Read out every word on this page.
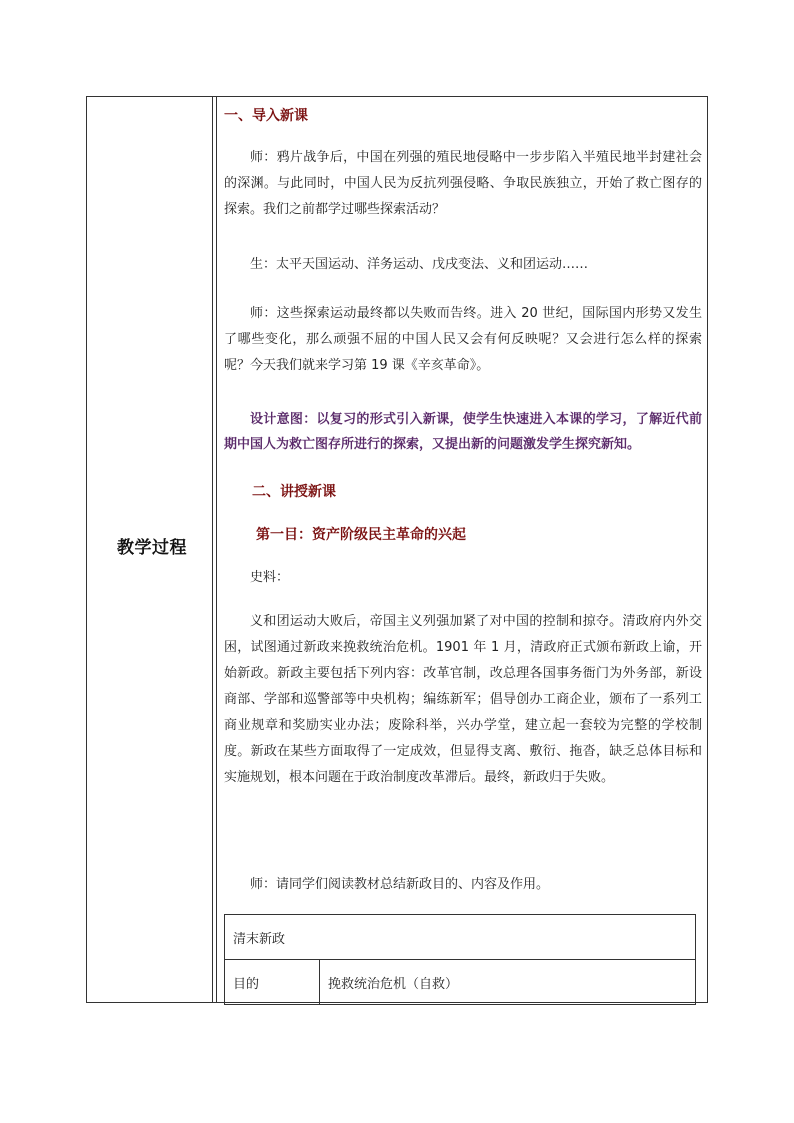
教学过程
一、导入新课
师：鸦片战争后，中国在列强的殖民地侵略中一步步陷入半殖民地半封建社会的深渊。与此同时，中国人民为反抗列强侵略、争取民族独立，开始了救亡图存的探索。我们之前都学过哪些探索活动？
生：太平天国运动、洋务运动、戊戌变法、义和团运动……
师：这些探索运动最终都以失败而告终。进入 20 世纪，国际国内形势又发生了哪些变化，那么顽强不屈的中国人民又会有何反映呢？又会进行怎么样的探索呢？今天我们就来学习第 19 课《辛亥革命》。
设计意图：以复习的形式引入新课，使学生快速进入本课的学习，了解近代前期中国人为救亡图存所进行的探索，又提出新的问题激发学生探究新知。
二、讲授新课
第一目：资产阶级民主革命的兴起
史料：
义和团运动大败后，帝国主义列强加紧了对中国的控制和掠夺。清政府内外交困，试图通过新政来挽救统治危机。1901 年 1 月，清政府正式颁布新政上谕，开始新政。新政主要包括下列内容：改革官制，改总理各国事务衙门为外务部，新设商部、学部和巡警部等中央机构；编练新军；倡导创办工商企业，颁布了一系列工商业规章和奖励实业办法；废除科举，兴办学堂，建立起一套较为完整的学校制度。新政在某些方面取得了一定成效，但显得支离、敷衍、拖沓，缺乏总体目标和实施规划，根本问题在于政治制度改革滞后。最终，新政归于失败。
师：请同学们阅读教材总结新政目的、内容及作用。
清末新政
目的	挽救统治危机（自救）
